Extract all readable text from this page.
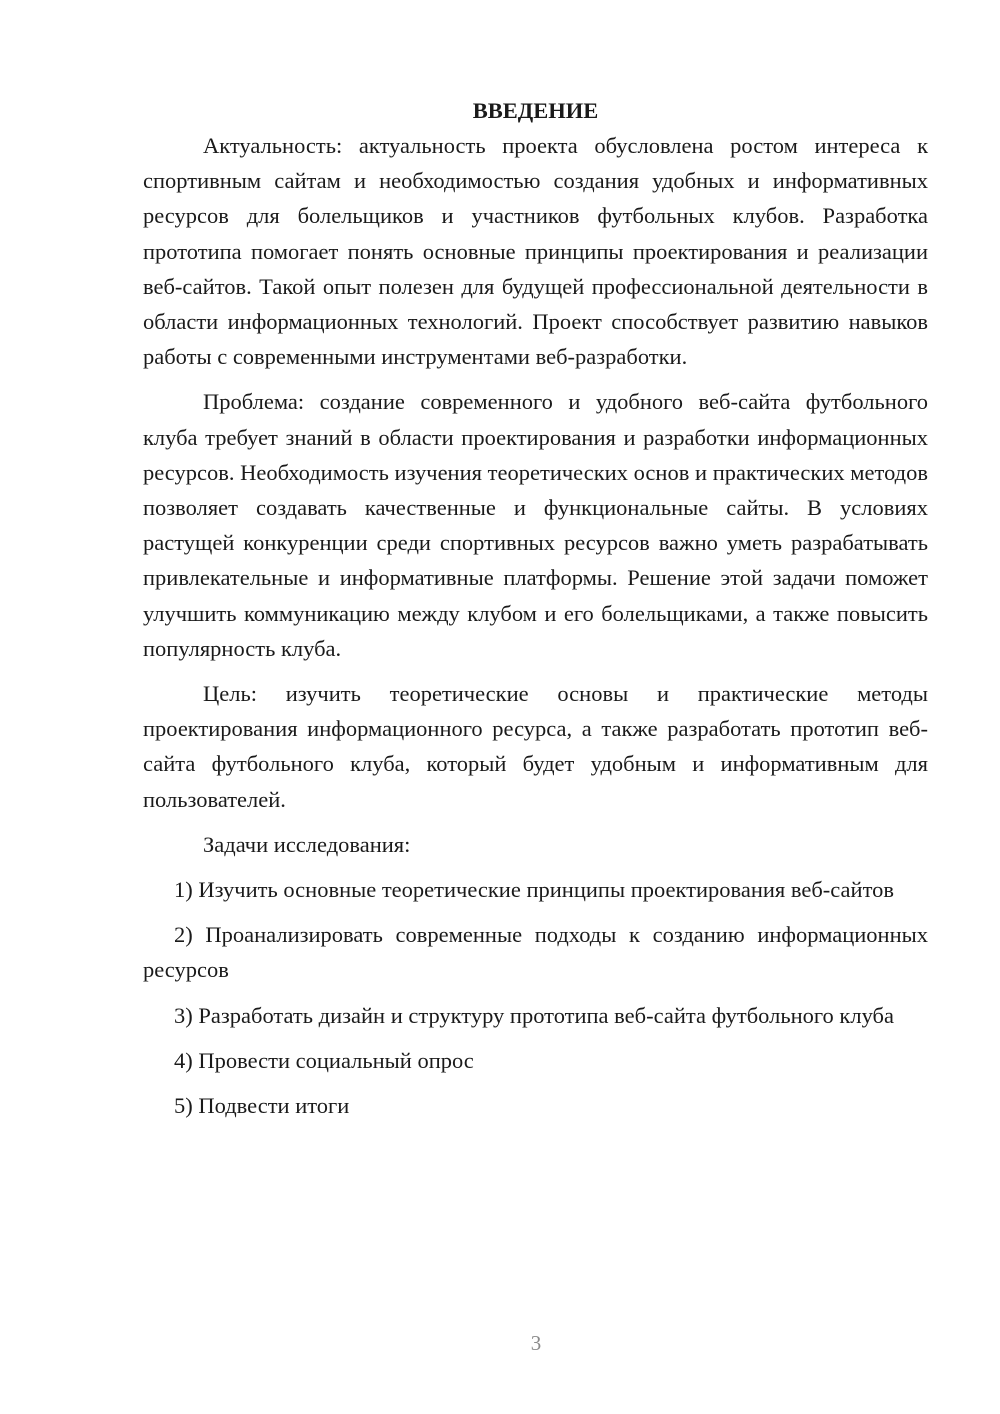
ВВЕДЕНИЕ

Актуальность: актуальность проекта обусловлена ростом интереса к спортивным сайтам и необходимостью создания удобных и информативных ресурсов для болельщиков и участников футбольных клубов. Разработка прототипа помогает понять основные принципы проектирования и реализации веб-сайтов. Такой опыт полезен для будущей профессиональной деятельности в области информационных технологий. Проект способствует развитию навыков работы с современными инструментами веб-разработки.

Проблема: создание современного и удобного веб-сайта футбольного клуба требует знаний в области проектирования и разработки информационных ресурсов. Необходимость изучения теоретических основ и практических методов позволяет создавать качественные и функциональные сайты. В условиях растущей конкуренции среди спортивных ресурсов важно уметь разрабатывать привлекательные и информативные платформы. Решение этой задачи поможет улучшить коммуникацию между клубом и его болельщиками, а также повысить популярность клуба.

Цель: изучить теоретические основы и практические методы проектирования информационного ресурса, а также разработать прототип веб-сайта футбольного клуба, который будет удобным и информативным для пользователей.

Задачи исследования:

1) Изучить основные теоретические принципы проектирования веб-сайтов

2) Проанализировать современные подходы к созданию информационных ресурсов

3) Разработать дизайн и структуру прототипа веб-сайта футбольного клуба

4) Провести социальный опрос

5) Подвести итоги

3
